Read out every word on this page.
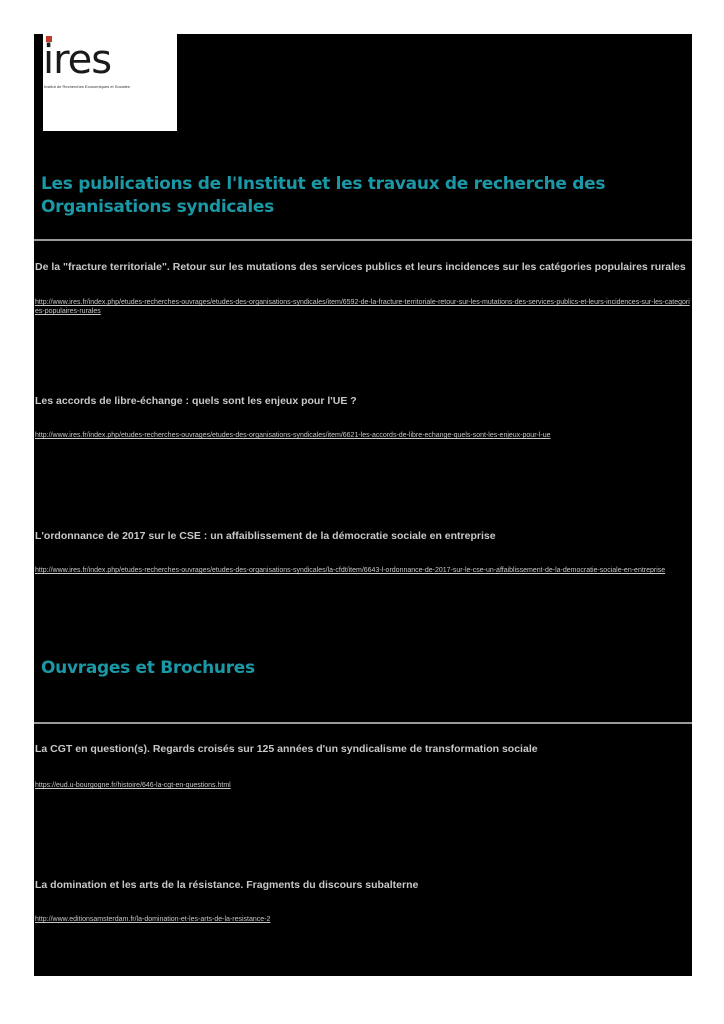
ires
Institut de Recherches Economiques et Sociales
Les publications de l'Institut et les travaux de recherche des Organisations syndicales
De la "fracture territoriale". Retour sur les mutations des services publics et leurs incidences sur les catégories populaires rurales
http://www.ires.fr/index.php/etudes-recherches-ouvrages/etudes-des-organisations-syndicales/item/6592-de-la-fracture-territoriale-retour-sur-les-mutations-des-services-publics-et-leurs-incidences-sur-les-categories-populaires-rurales
Les accords de libre-échange : quels sont les enjeux pour l'UE ?
http://www.ires.fr/index.php/etudes-recherches-ouvrages/etudes-des-organisations-syndicales/item/6621-les-accords-de-libre-echange-quels-sont-les-enjeux-pour-l-ue
L'ordonnance de 2017 sur le CSE : un affaiblissement de la démocratie sociale en entreprise
http://www.ires.fr/index.php/etudes-recherches-ouvrages/etudes-des-organisations-syndicales/la-cfdt/item/6643-l-ordonnance-de-2017-sur-le-cse-un-affaiblissement-de-la-democratie-sociale-en-entreprise
Ouvrages et Brochures
La CGT en question(s). Regards croisés sur 125 années d'un syndicalisme de transformation sociale
https://eud.u-bourgogne.fr/histoire/646-la-cgt-en-questions.html
La domination et les arts de la résistance. Fragments du discours subalterne
http://www.editionsamsterdam.fr/la-domination-et-les-arts-de-la-resistance-2
